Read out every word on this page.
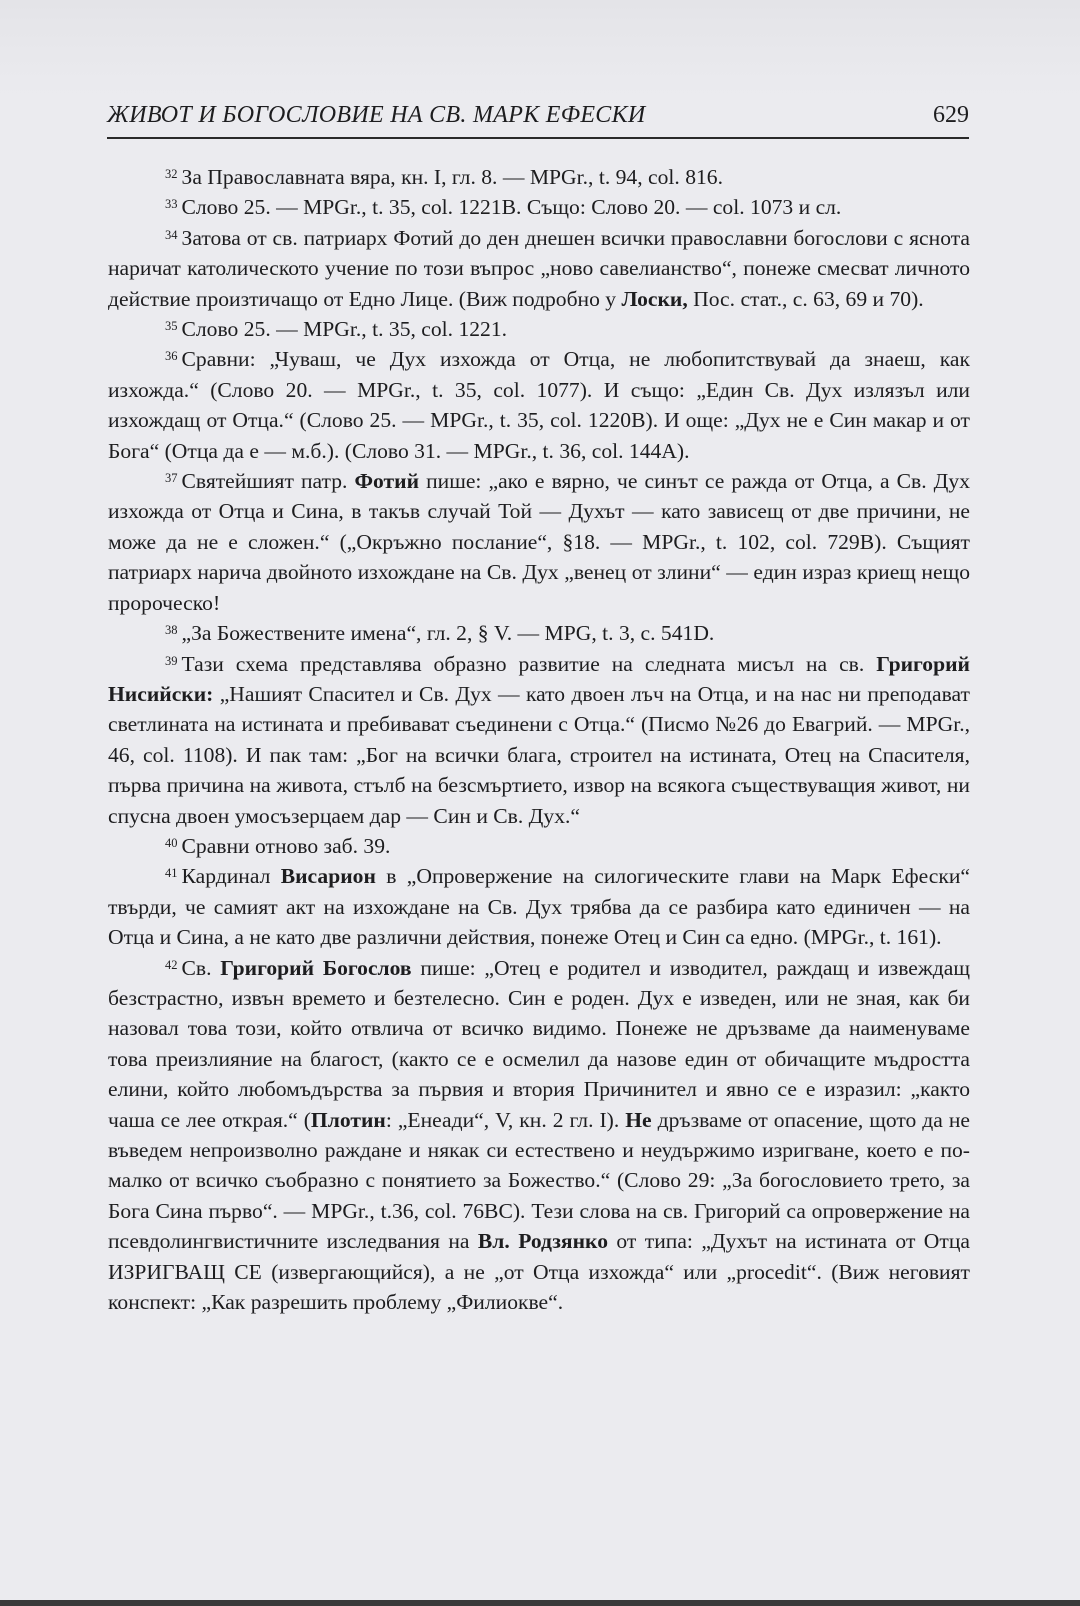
ЖИВОТ И БОГОСЛОВИЕ НА СВ. МАРК ЕФЕСКИ	629

$^{32}$ За Православната вяра, кн. I, гл. 8. — MPGr., t. 94, col. 816.

$^{33}$ Слово 25. — MPGr., t. 35, col. 1221B. Също: Слово 20. — col. 1073 и сл.

$^{34}$ Затова от св. патриарх Фотий до ден днешен всички православни богослови с яснота наричат католическото учение по този въпрос „ново савелианство“, понеже смесват личното действие произтичащо от Едно Лице. (Виж подробно у Лоски, Пос. стат., с. 63, 69 и 70).

$^{35}$ Слово 25. — MPGr., t. 35, col. 1221.

$^{36}$ Сравни: „Чуваш, че Дух изхожда от Отца, не любопитствувай да знаеш, как изхожда.“ (Слово 20. — MPGr., t. 35, col. 1077). И също: „Един Св. Дух излязъл или изхождащ от Отца.“ (Слово 25. — MPGr., t. 35, col. 1220B). И още: „Дух не е Син макар и от Бога“ (Отца да е — м.б.). (Слово 31. — MPGr., t. 36, col. 144A).

$^{37}$ Святейшият патр. Фотий пише: „ако е вярно, че синът се ражда от Отца, а Св. Дух изхожда от Отца и Сина, в такъв случай Той — Духът — като зависещ от две причини, не може да не е сложен.“ („Окръжно послание“, §18. — MPGr., t. 102, col. 729B). Същият патриарх нарича двойното изхождане на Св. Дух „венец от злини“ — един израз криещ нещо пророческо!

$^{38}$ „За Божествените имена“, гл. 2, § V. — MPG, t. 3, c. 541D.

$^{39}$ Тази схема представлява образно развитие на следната мисъл на св. Григорий Нисийски: „Нашият Спасител и Св. Дух — като двоен лъч на Отца, и на нас ни преподават светлината на истината и пребивават съединени с Отца.“ (Писмо №26 до Евагрий. — MPGr., 46, col. 1108). И пак там: „Бог на всички блага, строител на истината, Отец на Спасителя, първа причина на живота, стълб на безсмъртието, извор на всякога съществуващия живот, ни спусна двоен умосъзерцаем дар — Син и Св. Дух.“

$^{40}$ Сравни отново заб. 39.

$^{41}$ Кардинал Висарион в „Опровержение на силогическите глави на Марк Ефески“ твърди, че самият акт на изхождане на Св. Дух трябва да се разбира като единичен — на Отца и Сина, а не като две различни действия, понеже Отец и Син са едно. (MPGr., t. 161).

$^{42}$ Св. Григорий Богослов пише: „Отец е родител и изводител, раждащ и извеждащ безстрастно, извън времето и безтелесно. Син е роден. Дух е изведен, или не зная, как би назовал това този, който отвлича от всичко видимо. Понеже не дръзваме да наименуваме това преизлияние на благост, (както се е осмелил да назове един от обичащите мъдростта елини, който любомъдърства за първия и втория Причинител и явно се е изразил: „както чаша се лее открая.“ (Плотин: „Енеади“, V, кн. 2 гл. I). Не дръзваме от опасение, щото да не въведем непроизволно раждане и някак си естествено и неудържимо изригване, което е по-малко от всичко съобразно с понятието за Божество.“ (Слово 29: „За богословието трето, за Бога Сина първо“. — MPGr., t.36, col. 76BC). Тези слова на св. Григорий са опровержение на псевдолингвистичните изследвания на Вл. Родзянко от типа: „Духът на истината от Отца ИЗРИГВАЩ СЕ (извергающийся), а не „от Отца изхожда“ или „procedit“. (Виж неговият конспект: „Как разрешить проблему „Филиокве“.
